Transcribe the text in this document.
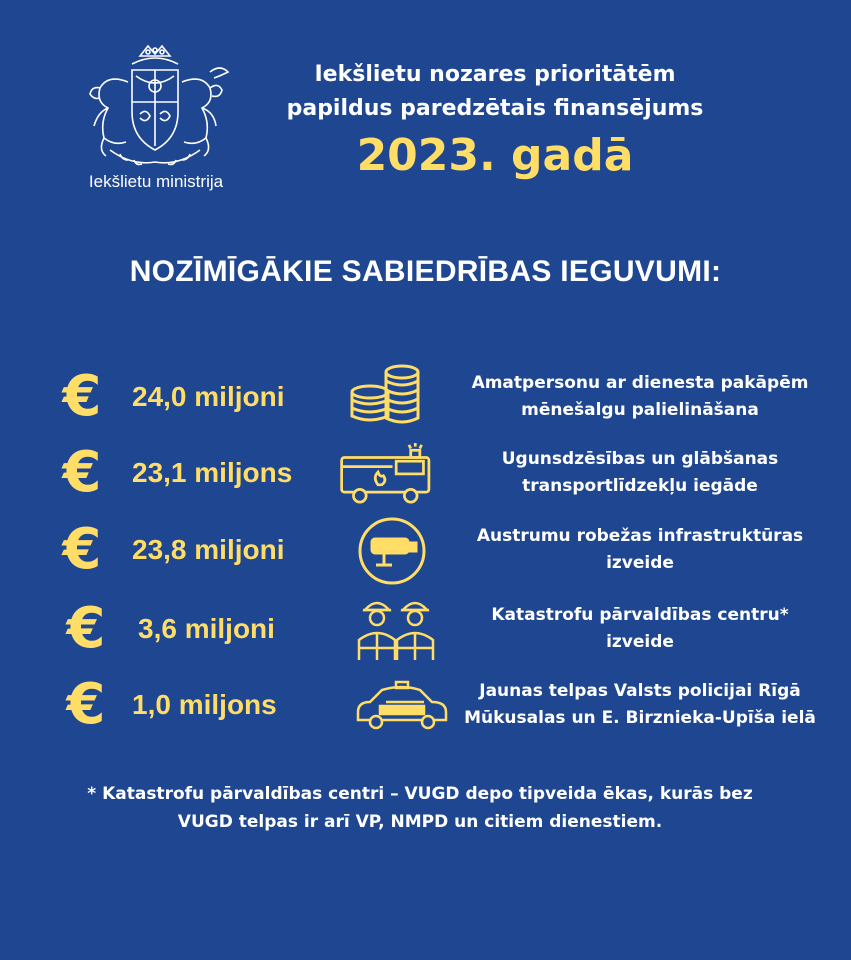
Iekšlietu ministrija
Iekšlietu nozares prioritātēm
papildus paredzētais finansējums
2023. gadā
NOZĪMĪGĀKIE SABIEDRĪBAS IEGUVUMI:
€	24,0 miljoni	Amatpersonu ar dienesta pakāpēm
mēnešalgu palielināšana
€	23,1 miljons	Ugunsdzēsības un glābšanas
transportlīdzekļu iegāde
€	23,8 miljoni	Austrumu robežas infrastruktūras
izveide
€	3,6 miljoni	Katastrofu pārvaldības centru*
izveide
€ 1,0 miljons	Jaunas telpas Valsts policijai Rīgā
Mūkusalas un E. Birznieka-Upīša ielā
* Katastrofu pārvaldības centri – VUGD depo tipveida ēkas, kurās bez
VUGD telpas ir arī VP, NMPD un citiem dienestiem.
